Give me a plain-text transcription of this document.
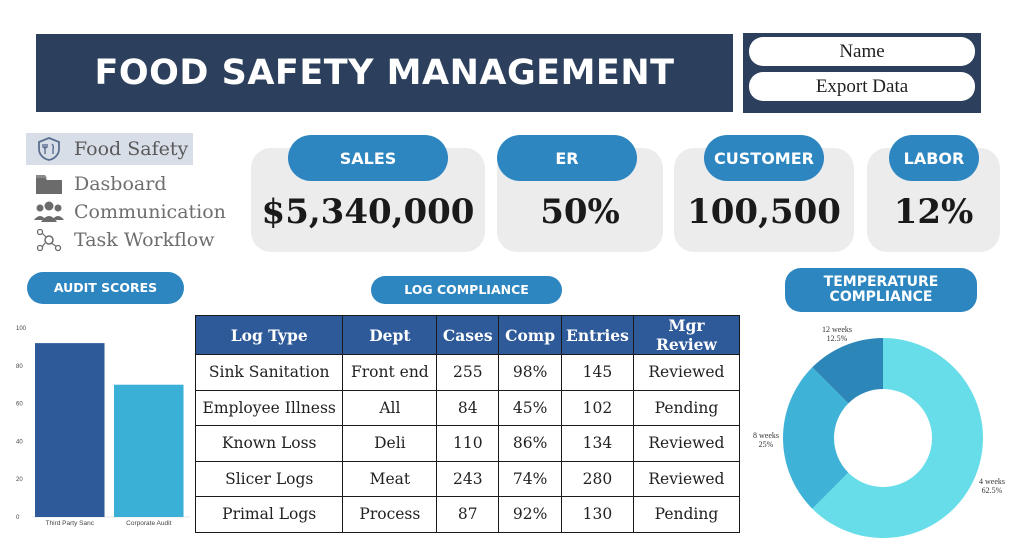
FOOD SAFETY MANAGEMENT
Name
Export Data
Food Safety
Dasboard
Communication
Task Workflow
SALES
$5,340,000
ER
50%
CUSTOMER
100,500
LABOR
12%
AUDIT SCORES	LOG COMPLIANCE
TEMPERATURE
COMPLIANCE
0
20
40
60
80
100
Third Party Sanc	Corporate Audit
Log Type	Dept	Cases	Comp	Entries	Mgr Review
Sink Sanitation	Front end	255	98%	145	Reviewed
Employee Illness	All	84	45%	102	Pending
Known Loss	Deli	110	86%	134	Reviewed
Slicer Logs	Meat	243	74%	280	Reviewed
Primal Logs	Process	87	92%	130	Pending
4 weeks
62.5%
8 weeks
25%
12 weeks
12.5%
